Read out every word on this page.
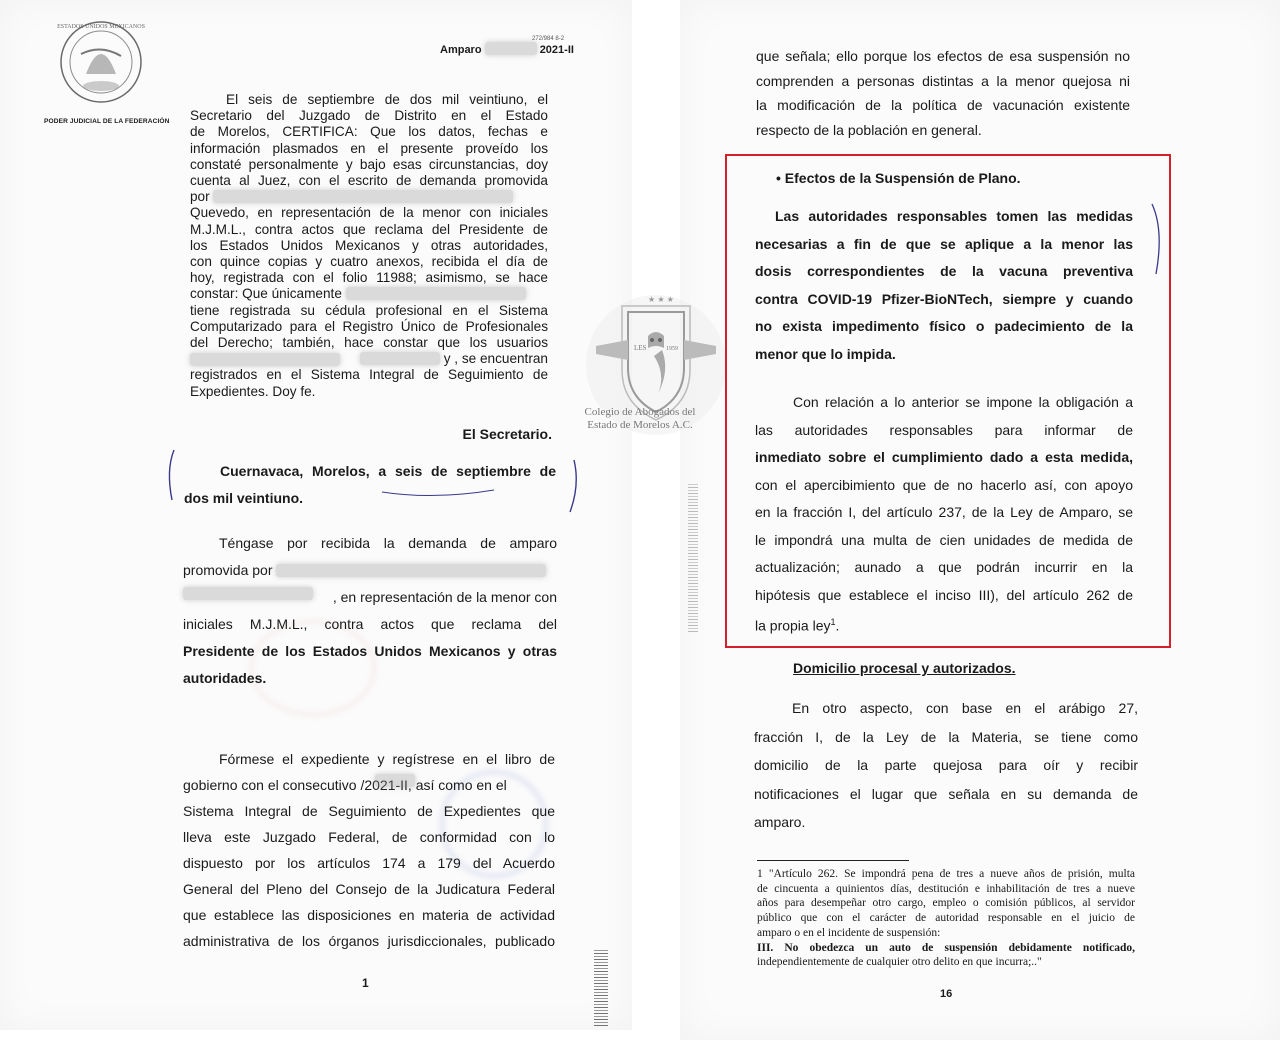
ESTADOS UNIDOS MEXICANOS
PODER JUDICIAL DE LA FEDERACIÓN
Amparo	2021-II
272/984 8-2
El seis de septiembre de dos mil veintiuno, el
Secretario del Juzgado de Distrito en el Estado
de Morelos, CERTIFICA: Que los datos, fechas e
información plasmados en el presente proveído los
constaté personalmente y bajo esas circunstancias, doy
cuenta al Juez, con el escrito de demanda promovida
por
Quevedo, en representación de la menor con iniciales
M.J.M.L., contra actos que reclama del Presidente de
los Estados Unidos Mexicanos y otras autoridades,
con quince copias y cuatro anexos, recibida el día de
hoy, registrada con el folio 11988; asimismo, se hace
constar: Que únicamente
tiene registrada su cédula profesional en el Sistema
Computarizado para el Registro Único de Profesionales
del Derecho; también, hace constar que los usuarios
y , se encuentran
registrados en el Sistema Integral de Seguimiento de
Expedientes. Doy fe.
El Secretario.
Cuernavaca, Morelos, a seis de septiembre de
dos mil veintiuno.
Téngase por recibida la demanda de amparo
promovida por
, en representación de la menor con
iniciales M.J.M.L., contra actos que reclama del
Presidente de los Estados Unidos Mexicanos y otras
autoridades.
Fórmese el expediente y regístrese en el libro de
gobierno con el consecutivo /2021-II, así como en el
Sistema Integral de Seguimiento de Expedientes que
lleva este Juzgado Federal, de conformidad con lo
dispuesto por los artículos 174 a 179 del Acuerdo
General del Pleno del Consejo de la Judicatura Federal
que establece las disposiciones en materia de actividad
administrativa de los órganos jurisdiccionales, publicado
1
LES	1959
★ ★ ★
Colegio de Abogados del
Estado de Morelos A.C.
que señala; ello porque los efectos de esa suspensión no
comprenden a personas distintas a la menor quejosa ni
la modificación de la política de vacunación existente
respecto de la población en general.
• Efectos de la Suspensión de Plano.
Las autoridades responsables tomen las medidas
necesarias a fin de que se aplique a la menor las
dosis correspondientes de la vacuna preventiva
contra COVID-19 Pfizer-BioNTech, siempre y cuando
no exista impedimento físico o padecimiento de la
menor que lo impida.
Con relación a lo anterior se impone la obligación a
las autoridades responsables para informar de
inmediato sobre el cumplimiento dado a esta medida,
con el apercibimiento que de no hacerlo así, con apoyo
en la fracción I, del artículo 237, de la Ley de Amparo, se
le impondrá una multa de cien unidades de medida de
actualización; aunado a que podrán incurrir en la
hipótesis que establece el inciso III), del artículo 262 de
la propia ley$^1$.
Domicilio procesal y autorizados.
En otro aspecto, con base en el arábigo 27,
fracción I, de la Ley de la Materia, se tiene como
domicilio de la parte quejosa para oír y recibir
notificaciones el lugar que señala en su demanda de
amparo.
1 "Artículo 262. Se impondrá pena de tres a nueve años de prisión, multa
de cincuenta a quinientos días, destitución e inhabilitación de tres a nueve
años para desempeñar otro cargo, empleo o comisión públicos, al servidor
público que con el carácter de autoridad responsable en el juicio de
amparo o en el incidente de suspensión:
III. No obedezca un auto de suspensión debidamente notificado,
independientemente de cualquier otro delito en que incurra;.."
16
